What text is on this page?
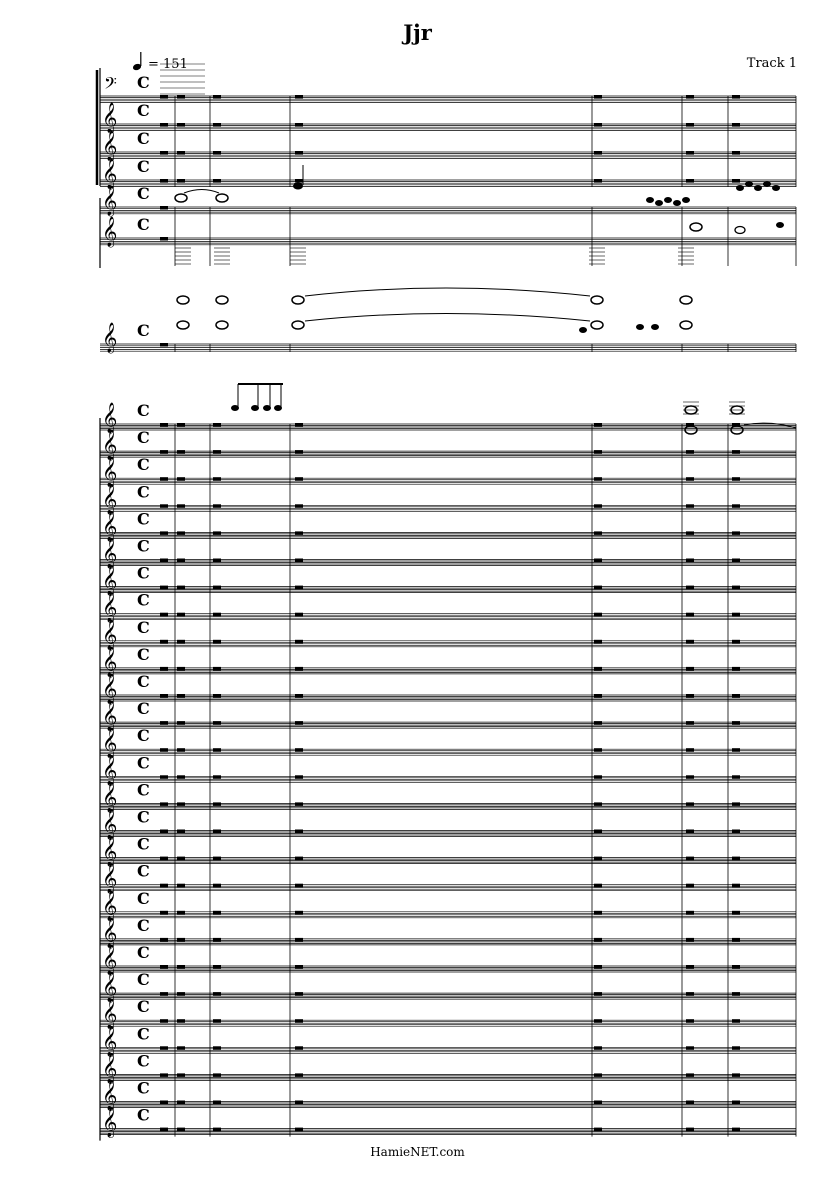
Jjr
Track 1
= 151
𝄢 C
𝄞 C
𝄞 C
𝄞 C
𝄞 C
𝄞 C
𝄞 C
𝄞 C
𝄞 C
𝄞 C
𝄞 C
𝄞 C
𝄞 C
𝄞 C
𝄞 C
𝄞 C
𝄞 C
𝄞 C
𝄞 C
𝄞 C
𝄞 C
𝄞 C
𝄞 C
𝄞 C
𝄞 C
𝄞 C
𝄞 C
𝄞 C
𝄞 C
𝄞 C
𝄞 C
𝄞 C
𝄞 C
𝄞 C
HamieNET.com
